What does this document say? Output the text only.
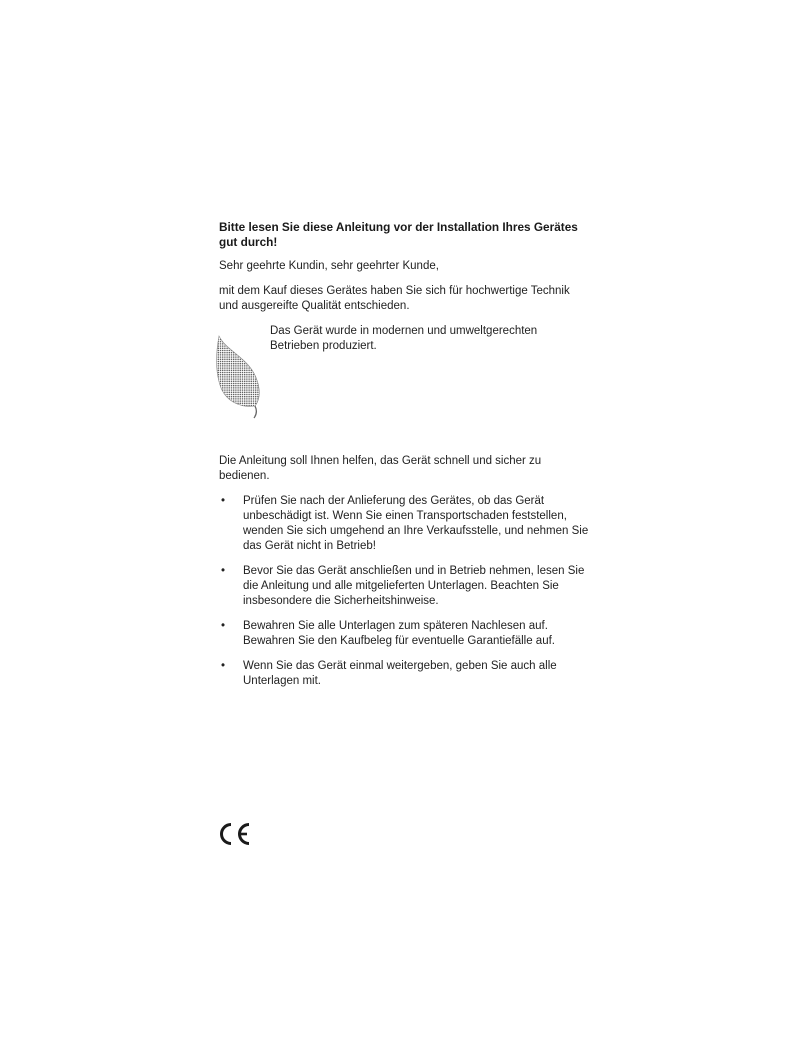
Bitte lesen Sie diese Anleitung vor der Installation Ihres Gerätes gut durch!

Sehr geehrte Kundin, sehr geehrter Kunde,

mit dem Kauf dieses Gerätes haben Sie sich für hochwertige Technik und ausgereifte Qualität entschieden.

Das Gerät wurde in modernen und umweltgerechten Betrieben produziert.

Die Anleitung soll Ihnen helfen, das Gerät schnell und sicher zu bedienen.

• Prüfen Sie nach der Anlieferung des Gerätes, ob das Gerät unbeschädigt ist. Wenn Sie einen Transportschaden feststellen, wenden Sie sich umgehend an Ihre Verkaufsstelle, und nehmen Sie das Gerät nicht in Betrieb!
• Bevor Sie das Gerät anschließen und in Betrieb nehmen, lesen Sie die Anleitung und alle mitgelieferten Unterlagen. Beachten Sie insbesondere die Sicherheitshinweise.
• Bewahren Sie alle Unterlagen zum späteren Nachlesen auf. Bewahren Sie den Kaufbeleg für eventuelle Garantiefälle auf.
• Wenn Sie das Gerät einmal weitergeben, geben Sie auch alle Unterlagen mit.
